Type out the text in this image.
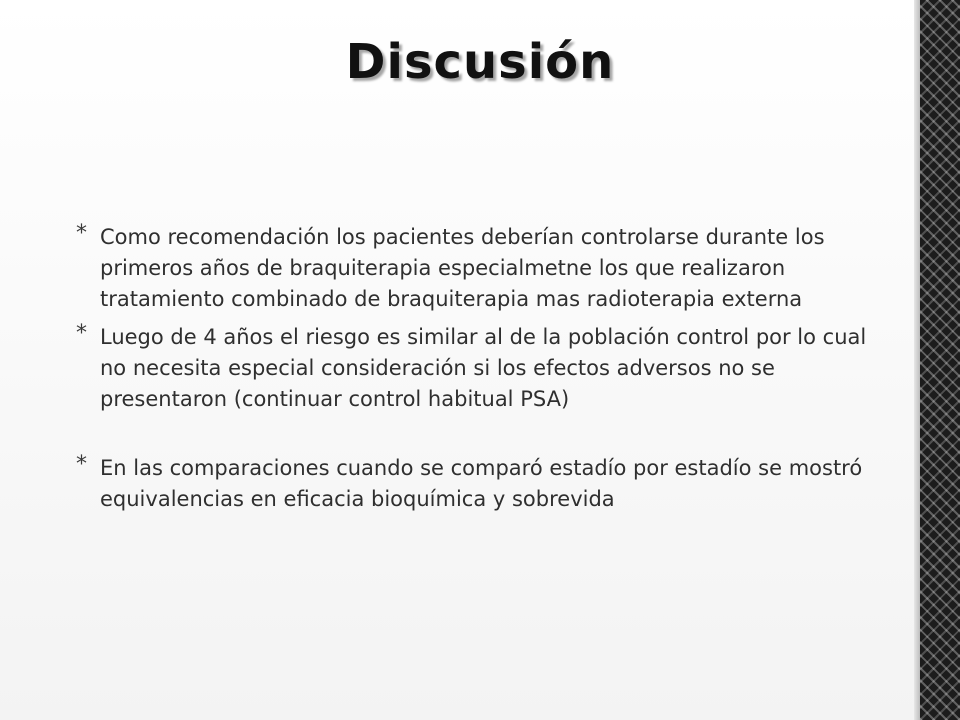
Discusión
* Como recomendación los pacientes deberían controlarse durante los primeros años de braquiterapia especialmetne los que realizaron tratamiento combinado de braquiterapia mas radioterapia externa
* Luego de 4 años el riesgo es similar al de la población control por lo cual no necesita especial consideración si los efectos adversos no se presentaron (continuar control habitual PSA)
* En las comparaciones cuando se comparó estadío por estadío se mostró equivalencias en eficacia bioquímica y sobrevida
